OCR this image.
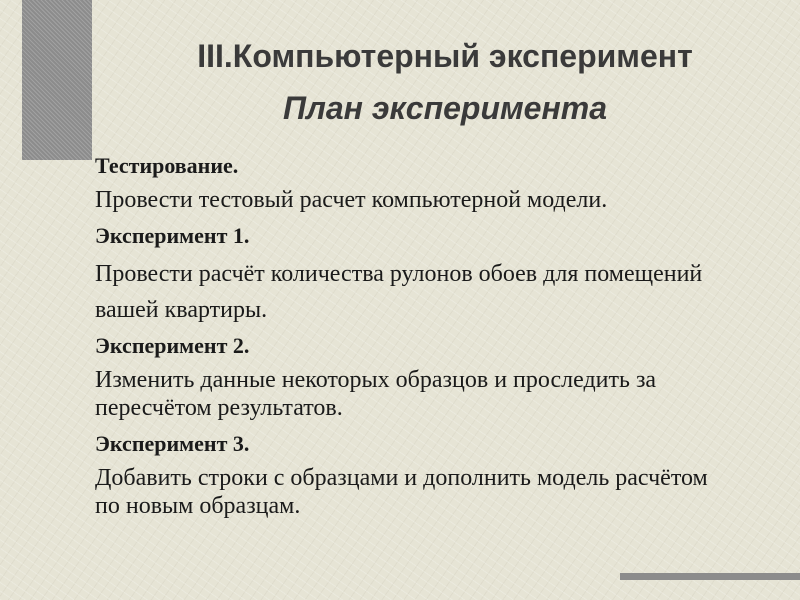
III.Компьютерный эксперимент
План эксперимента

Тестирование.

Провести тестовый расчет компьютерной модели.

Эксперимент 1.

Провести расчёт количества рулонов обоев для помещений вашей квартиры.

Эксперимент 2.

Изменить данные некоторых образцов и проследить за пересчётом результатов.

Эксперимент 3.

Добавить строки с образцами и дополнить модель расчётом по новым образцам.
